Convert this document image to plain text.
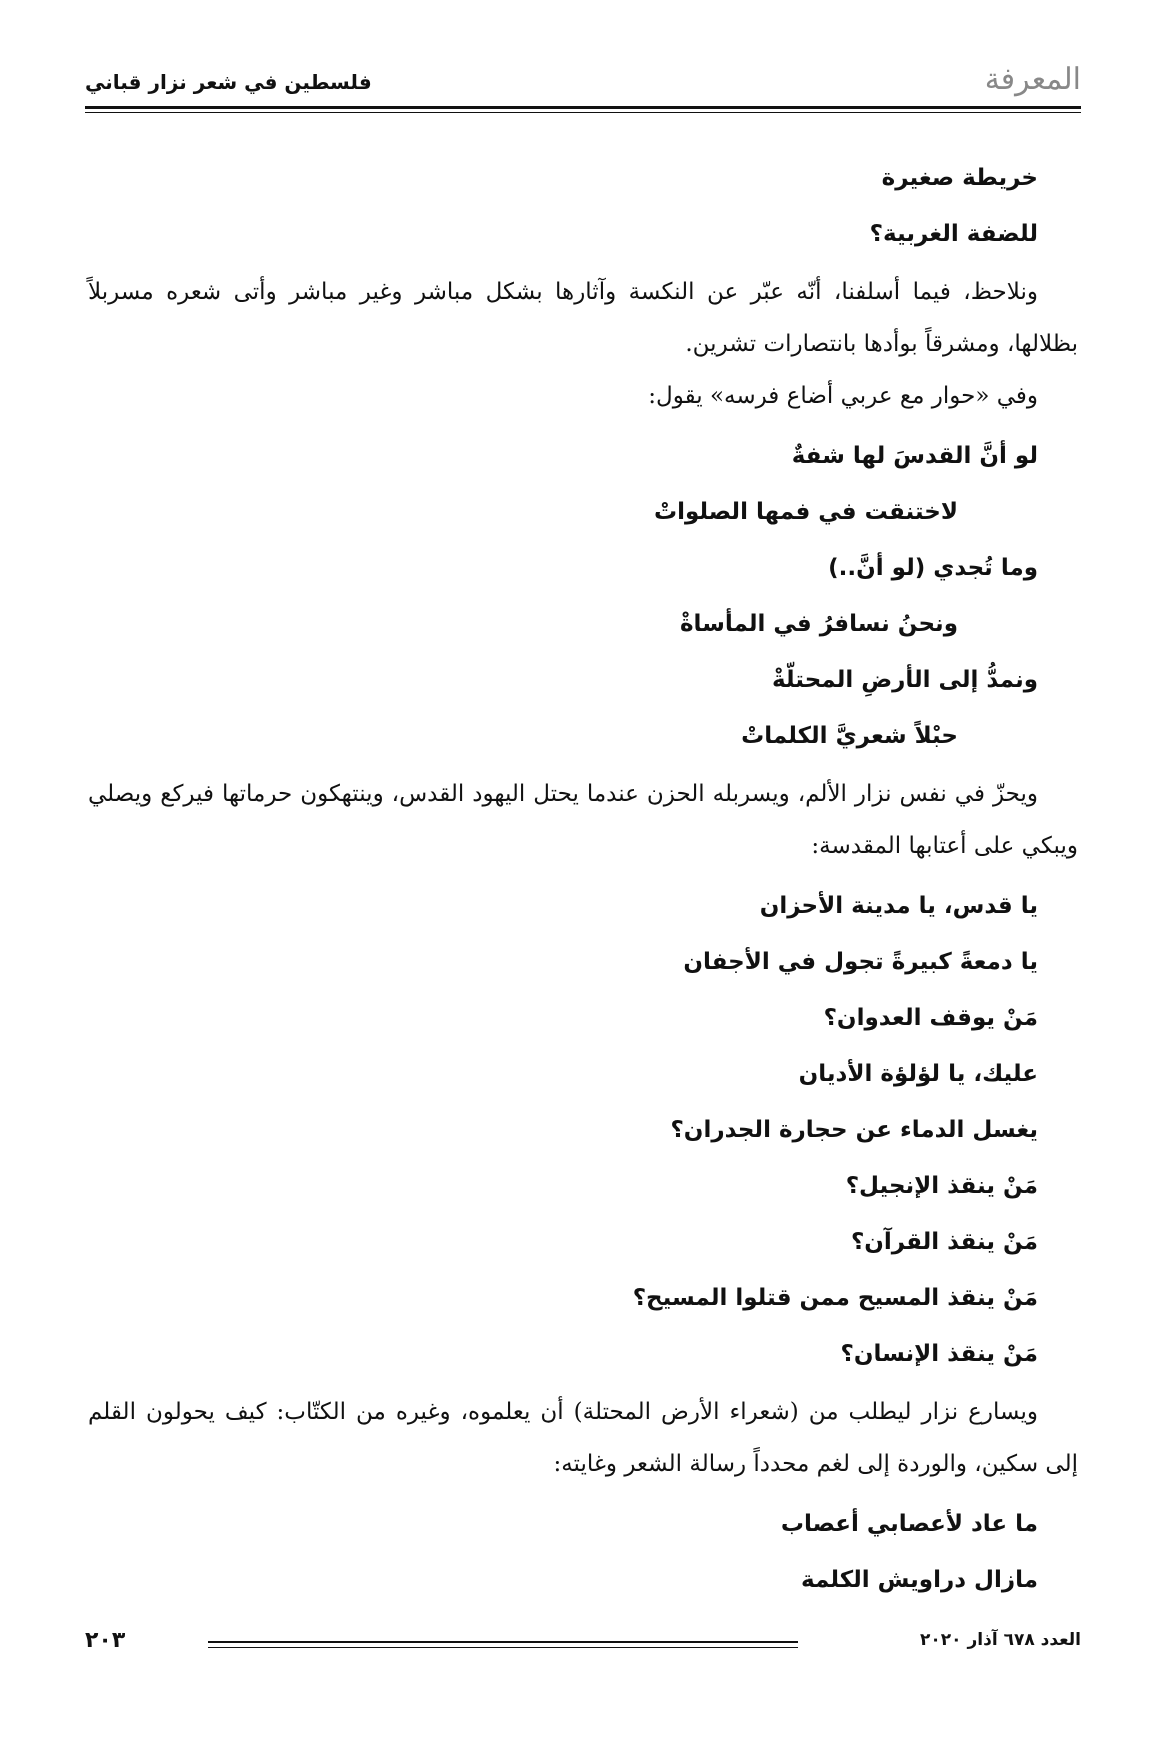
المعرفة
فلسطين في شعر نزار قباني

خريطة صغيرة

للضفة الغربية؟

ونلاحظ، فيما أسلفنا، أنّه عبّر عن النكسة وآثارها بشكل مباشر وغير مباشر وأتى شعره مسربلاً بظلالها، ومشرقاً بوأدها بانتصارات تشرين.

وفي «حوار مع عربي أضاع فرسه» يقول:

لو أنَّ القدسَ لها شفةٌ

لاختنقت في فمها الصلواتْ

وما تُجدي (لو أنَّ..)

ونحنُ نسافرُ في المأساةْ

ونمدُّ إلى الأرضِ المحتلّةْ

حبْلاً شعريَّ الكلماتْ

ويحزّ في نفس نزار الألم، ويسربله الحزن عندما يحتل اليهود القدس، وينتهكون حرماتها فيركع ويصلي ويبكي على أعتابها المقدسة:

يا قدس، يا مدينة الأحزان

يا دمعةً كبيرةً تجول في الأجفان

مَنْ يوقف العدوان؟

عليك، يا لؤلؤة الأديان

يغسل الدماء عن حجارة الجدران؟

مَنْ ينقذ الإنجيل؟

مَنْ ينقذ القرآن؟

مَنْ ينقذ المسيح ممن قتلوا المسيح؟

مَنْ ينقذ الإنسان؟

ويسارع نزار ليطلب من (شعراء الأرض المحتلة) أن يعلموه، وغيره من الكتّاب: كيف يحولون القلم إلى سكين، والوردة إلى لغم محدداً رسالة الشعر وغايته:

ما عاد لأعصابي أعصاب

مازال دراويش الكلمة

العدد ٦٧٨ آذار ٢٠٢٠
٢٠٣
